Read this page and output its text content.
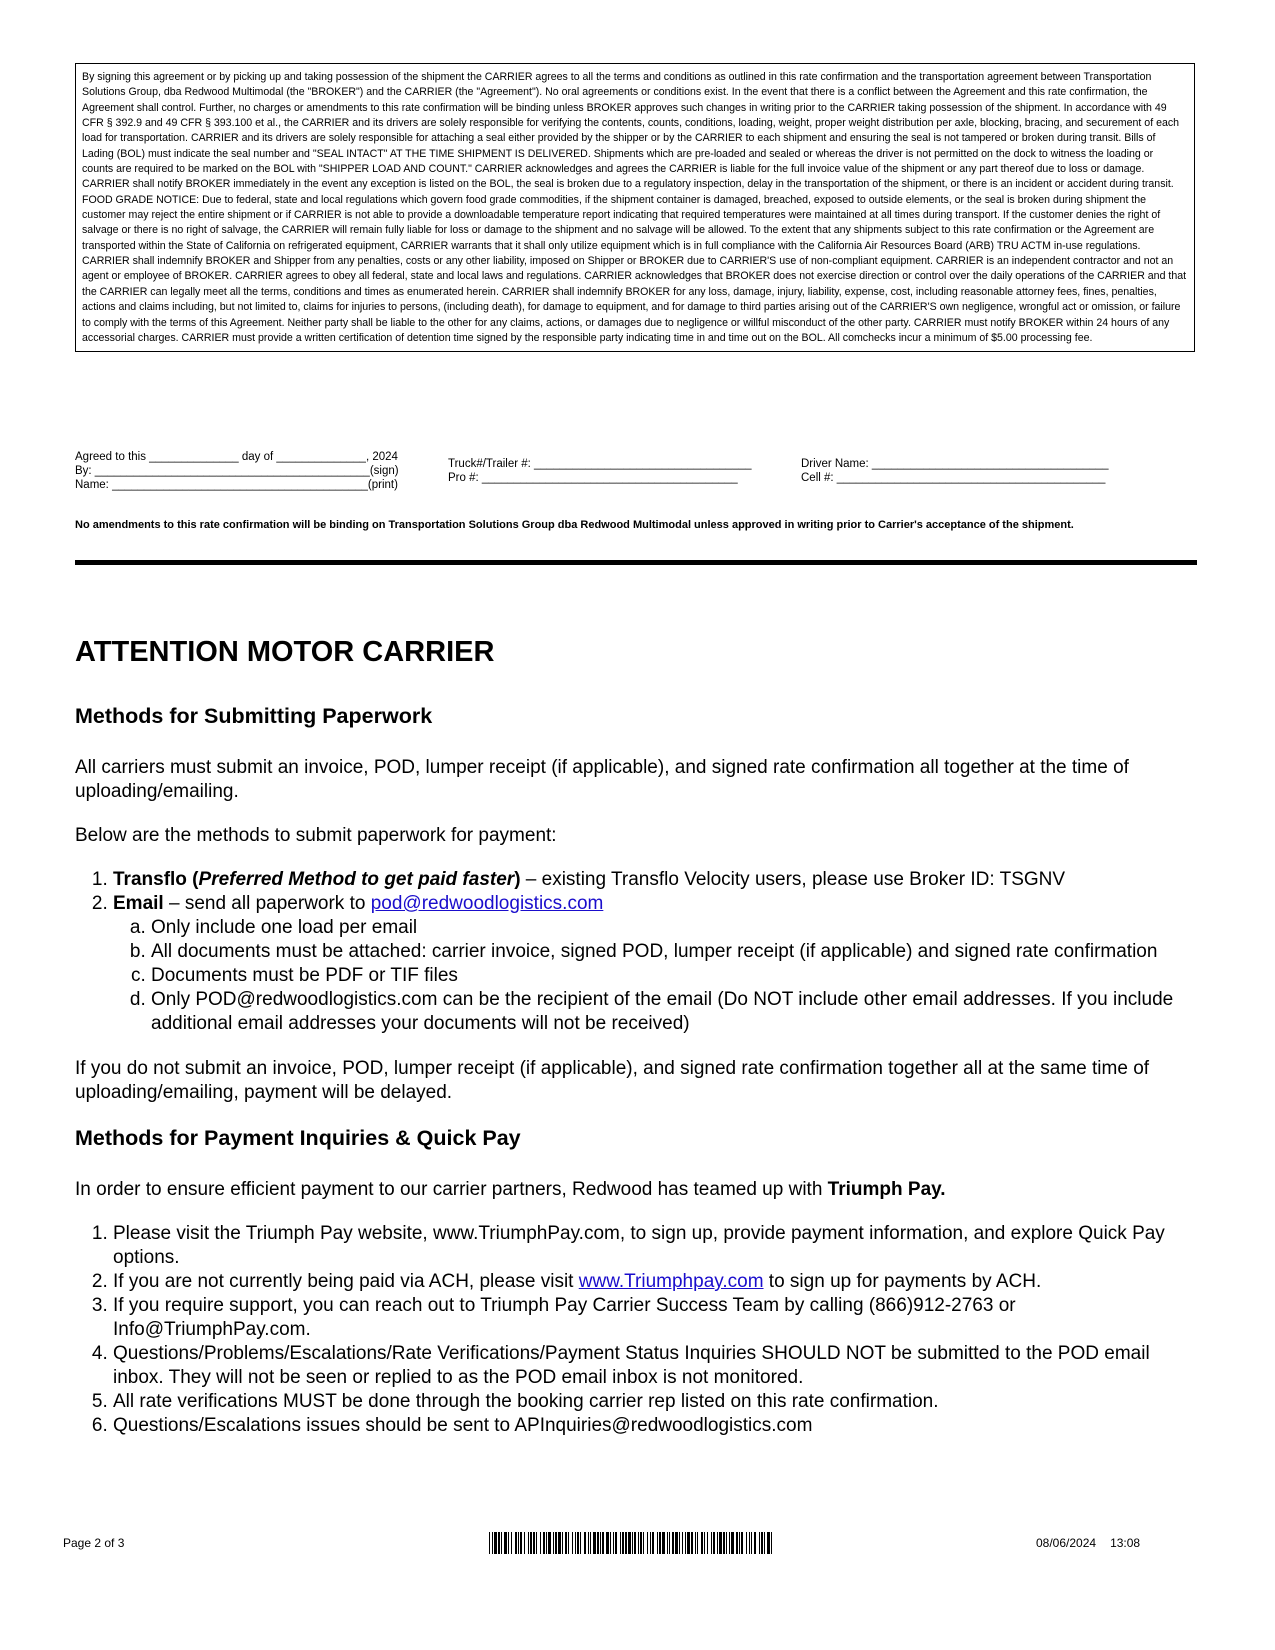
By signing this agreement or by picking up and taking possession of the shipment the CARRIER agrees to all the terms and conditions as outlined in this rate confirmation and the transportation agreement between Transportation Solutions Group, dba Redwood Multimodal (the "BROKER") and the CARRIER (the "Agreement"). No oral agreements or conditions exist. In the event that there is a conflict between the Agreement and this rate confirmation, the Agreement shall control. Further, no charges or amendments to this rate confirmation will be binding unless BROKER approves such changes in writing prior to the CARRIER taking possession of the shipment. In accordance with 49 CFR § 392.9 and 49 CFR § 393.100 et al., the CARRIER and its drivers are solely responsible for verifying the contents, counts, conditions, loading, weight, proper weight distribution per axle, blocking, bracing, and securement of each load for transportation. CARRIER and its drivers are solely responsible for attaching a seal either provided by the shipper or by the CARRIER to each shipment and ensuring the seal is not tampered or broken during transit. Bills of Lading (BOL) must indicate the seal number and "SEAL INTACT" AT THE TIME SHIPMENT IS DELIVERED. Shipments which are pre-loaded and sealed or whereas the driver is not permitted on the dock to witness the loading or counts are required to be marked on the BOL with "SHIPPER LOAD AND COUNT." CARRIER acknowledges and agrees the CARRIER is liable for the full invoice value of the shipment or any part thereof due to loss or damage. CARRIER shall notify BROKER immediately in the event any exception is listed on the BOL, the seal is broken due to a regulatory inspection, delay in the transportation of the shipment, or there is an incident or accident during transit. FOOD GRADE NOTICE: Due to federal, state and local regulations which govern food grade commodities, if the shipment container is damaged, breached, exposed to outside elements, or the seal is broken during shipment the customer may reject the entire shipment or if CARRIER is not able to provide a downloadable temperature report indicating that required temperatures were maintained at all times during transport. If the customer denies the right of salvage or there is no right of salvage, the CARRIER will remain fully liable for loss or damage to the shipment and no salvage will be allowed. To the extent that any shipments subject to this rate confirmation or the Agreement are transported within the State of California on refrigerated equipment, CARRIER warrants that it shall only utilize equipment which is in full compliance with the California Air Resources Board (ARB) TRU ACTM in-use regulations. CARRIER shall indemnify BROKER and Shipper from any penalties, costs or any other liability, imposed on Shipper or BROKER due to CARRIER'S use of non-compliant equipment. CARRIER is an independent contractor and not an agent or employee of BROKER. CARRIER agrees to obey all federal, state and local laws and regulations. CARRIER acknowledges that BROKER does not exercise direction or control over the daily operations of the CARRIER and that the CARRIER can legally meet all the terms, conditions and times as enumerated herein. CARRIER shall indemnify BROKER for any loss, damage, injury, liability, expense, cost, including reasonable attorney fees, fines, penalties, actions and claims including, but not limited to, claims for injuries to persons, (including death), for damage to equipment, and for damage to third parties arising out of the CARRIER'S own negligence, wrongful act or omission, or failure to comply with the terms of this Agreement. Neither party shall be liable to the other for any claims, actions, or damages due to negligence or willful misconduct of the other party. CARRIER must notify BROKER within 24 hours of any accessorial charges. CARRIER must provide a written certification of detention time signed by the responsible party indicating time in and time out on the BOL. All comchecks incur a minimum of $5.00 processing fee.
Agreed to this ______________ day of ______________, 2024
By: ___________________________________________(sign)
Name: ________________________________________(print)
Truck#/Trailer #: __________________________________
Pro #: ________________________________________
Driver Name: _____________________________________
Cell #: __________________________________________
No amendments to this rate confirmation will be binding on Transportation Solutions Group dba Redwood Multimodal unless approved in writing prior to Carrier's acceptance of the shipment.
ATTENTION MOTOR CARRIER
Methods for Submitting Paperwork

All carriers must submit an invoice, POD, lumper receipt (if applicable), and signed rate confirmation all together at the time of uploading/emailing.

Below are the methods to submit paperwork for payment:

1. Transflo (Preferred Method to get paid faster) – existing Transflo Velocity users, please use Broker ID: TSGNV
2. Email – send all paperwork to pod@redwoodlogistics.com
a. Only include one load per email
b. All documents must be attached: carrier invoice, signed POD, lumper receipt (if applicable) and signed rate confirmation
c. Documents must be PDF or TIF files
d. Only POD@redwoodlogistics.com can be the recipient of the email (Do NOT include other email addresses. If you include additional email addresses your documents will not be received)

If you do not submit an invoice, POD, lumper receipt (if applicable), and signed rate confirmation together all at the same time of uploading/emailing, payment will be delayed.

Methods for Payment Inquiries & Quick Pay

In order to ensure efficient payment to our carrier partners, Redwood has teamed up with Triumph Pay.

1. Please visit the Triumph Pay website, www.TriumphPay.com, to sign up, provide payment information, and explore Quick Pay options.
2. If you are not currently being paid via ACH, please visit www.Triumphpay.com to sign up for payments by ACH.
3. If you require support, you can reach out to Triumph Pay Carrier Success Team by calling (866)912-2763 or Info@TriumphPay.com.
4. Questions/Problems/Escalations/Rate Verifications/Payment Status Inquiries SHOULD NOT be submitted to the POD email inbox. They will not be seen or replied to as the POD email inbox is not monitored.
5. All rate verifications MUST be done through the booking carrier rep listed on this rate confirmation.
6. Questions/Escalations issues should be sent to APInquiries@redwoodlogistics.com
Page 2 of 3	08/06/2024 13:08
